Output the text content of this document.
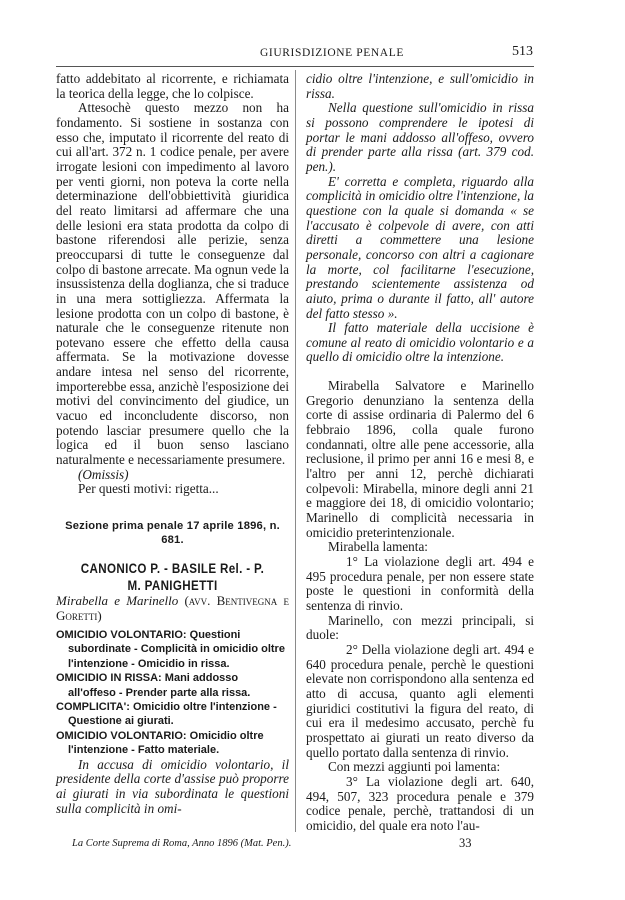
GIURISDIZIONE PENALE	513

fatto addebitato al ricorrente, e richiamata la teorica della legge, che lo colpisce.

Attesochè questo mezzo non ha fondamento. Si sostiene in sostanza con esso che, imputato il ricorrente del reato di cui all'art. 372 n. 1 codice penale, per avere irrogate lesioni con impedimento al lavoro per venti giorni, non poteva la corte nella determinazione dell'obbiettività giuridica del reato limitarsi ad affermare che una delle lesioni era stata prodotta da colpo di bastone riferendosi alle perizie, senza preoccuparsi di tutte le conseguenze dal colpo di bastone arrecate. Ma ognun vede la insussistenza della doglianza, che si traduce in una mera sottigliezza. Affermata la lesione prodotta con un colpo di bastone, è naturale che le conseguenze ritenute non potevano essere che effetto della causa affermata. Se la motivazione dovesse andare intesa nel senso del ricorrente, importerebbe essa, anzichè l'esposizione dei motivi del convincimento del giudice, un vacuo ed inconcludente discorso, non potendo lasciar presumere quello che la logica ed il buon senso lasciano naturalmente e necessariamente presumere.

(Omissis)

Per questi motivi: rigetta...

Sezione prima penale 17 aprile 1896, n. 681.
CANONICO P. - BASILE Rel. - P. M. PANIGHETTI

Mirabella e Marinello (avv. Bentivegna e Goretti)

OMICIDIO VOLONTARIO: Questioni subordinate - Complicità in omicidio oltre l'intenzione - Omicidio in rissa.

OMICIDIO IN RISSA: Mani addosso all'offeso - Prender parte alla rissa.

COMPLICITA': Omicidio oltre l'intenzione - Questione ai giurati.

OMICIDIO VOLONTARIO: Omicidio oltre l'intenzione - Fatto materiale.

In accusa di omicidio volontario, il presidente della corte d'assise può proporre ai giurati in via subordinata le questioni sulla complicità in omi-

cidio oltre l'intenzione, e sull'omicidio in rissa.

Nella questione sull'omicidio in rissa si possono comprendere le ipotesi di portar le mani addosso all'offeso, ovvero di prender parte alla rissa (art. 379 cod. pen.).

E' corretta e completa, riguardo alla complicità in omicidio oltre l'intenzione, la questione con la quale si domanda « se l'accusato è colpevole di avere, con atti diretti a commettere una lesione personale, concorso con altri a cagionare la morte, col facilitarne l'esecuzione, prestando scientemente assistenza od aiuto, prima o durante il fatto, all' autore del fatto stesso ».

Il fatto materiale della uccisione è comune al reato di omicidio volontario e a quello di omicidio oltre la intenzione.

Mirabella Salvatore e Marinello Gregorio denunziano la sentenza della corte di assise ordinaria di Palermo del 6 febbraio 1896, colla quale furono condannati, oltre alle pene accessorie, alla reclusione, il primo per anni 16 e mesi 8, e l'altro per anni 12, perchè dichiarati colpevoli: Mirabella, minore degli anni 21 e maggiore dei 18, di omicidio volontario; Marinello di complicità necessaria in omicidio preterintenzionale.

Mirabella lamenta:

1° La violazione degli art. 494 e 495 procedura penale, per non essere state poste le questioni in conformità della sentenza di rinvio.

Marinello, con mezzi principali, si duole:

2° Della violazione degli art. 494 e 640 procedura penale, perchè le questioni elevate non corrispondono alla sentenza ed atto di accusa, quanto agli elementi giuridici costitutivi la figura del reato, di cui era il medesimo accusato, perchè fu prospettato ai giurati un reato diverso da quello portato dalla sentenza di rinvio.

Con mezzi aggiunti poi lamenta:

3° La violazione degli art. 640, 494, 507, 323 procedura penale e 379 codice penale, perchè, trattandosi di un omicidio, del quale era noto l'au-

La Corte Suprema di Roma, Anno 1896 (Mat. Pen.).	33
